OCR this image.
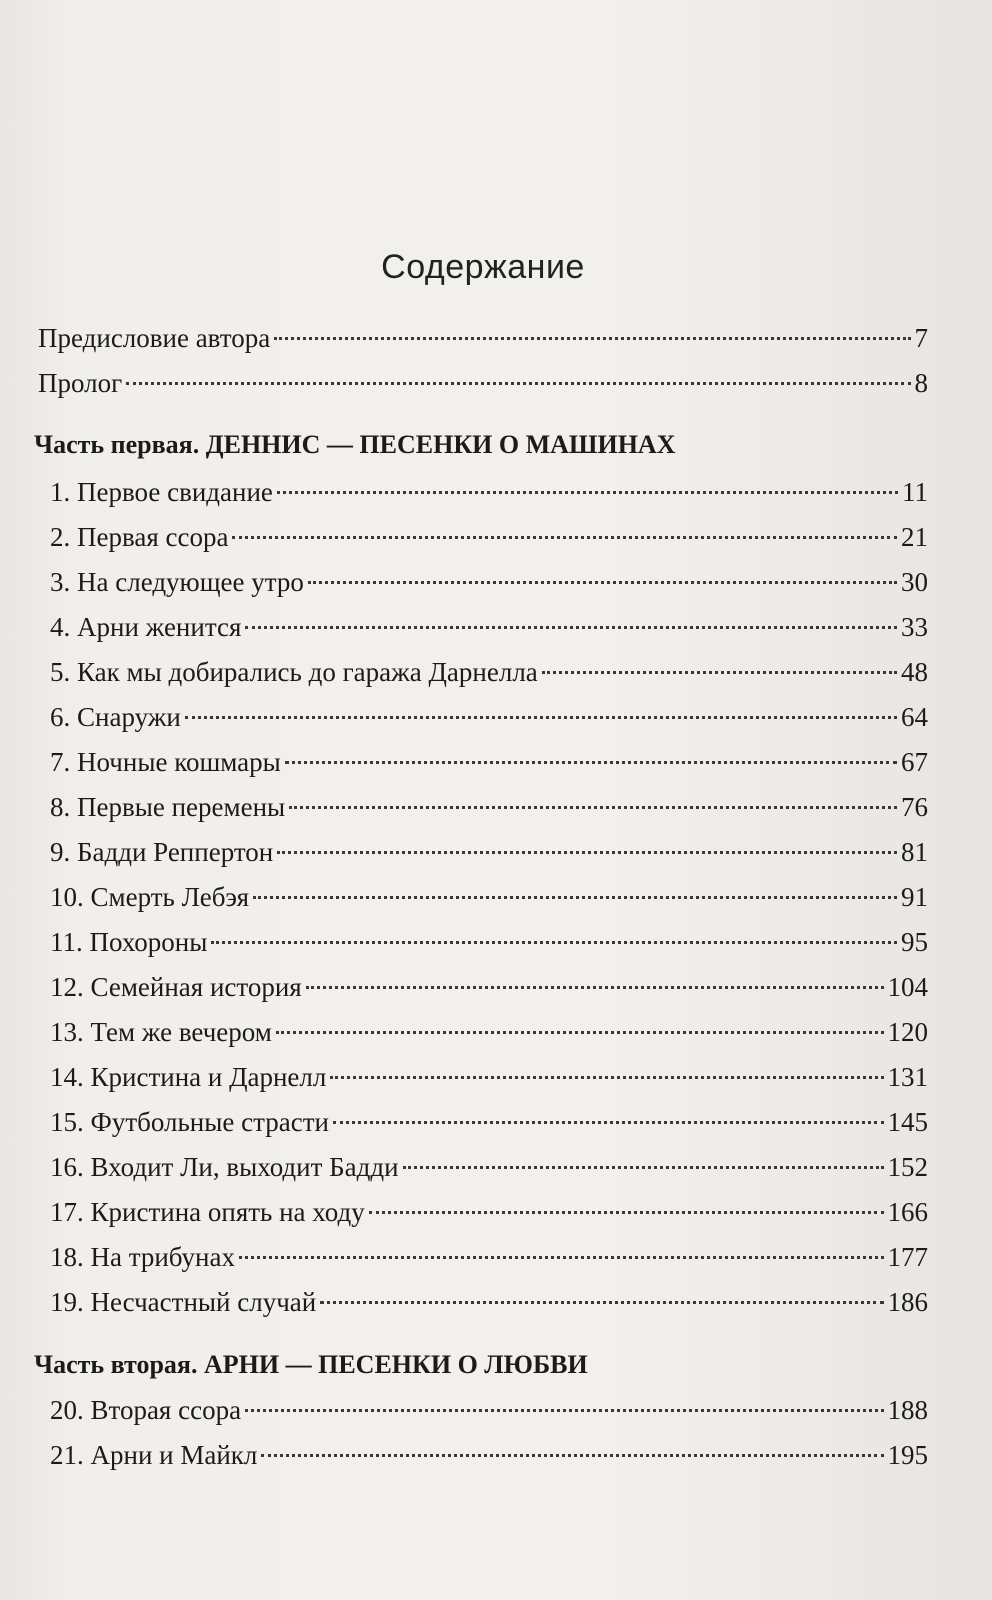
Содержание
Предисловие автора	7
Пролог	8
Часть первая. ДЕННИС — ПЕСЕНКИ О МАШИНАХ
1. Первое свидание	11
2. Первая ссора	21
3. На следующее утро	30
4. Арни женится	33
5. Как мы добирались до гаража Дарнелла	48
6. Снаружи	64
7. Ночные кошмары	67
8. Первые перемены	76
9. Бадди Реппертон	81
10. Смерть Лебэя	91
11. Похороны	95
12. Семейная история	104
13. Тем же вечером	120
14. Кристина и Дарнелл	131
15. Футбольные страсти	145
16. Входит Ли, выходит Бадди	152
17. Кристина опять на ходу	166
18. На трибунах	177
19. Несчастный случай	186
Часть вторая. АРНИ — ПЕСЕНКИ О ЛЮБВИ
20. Вторая ссора	188
21. Арни и Майкл	195
